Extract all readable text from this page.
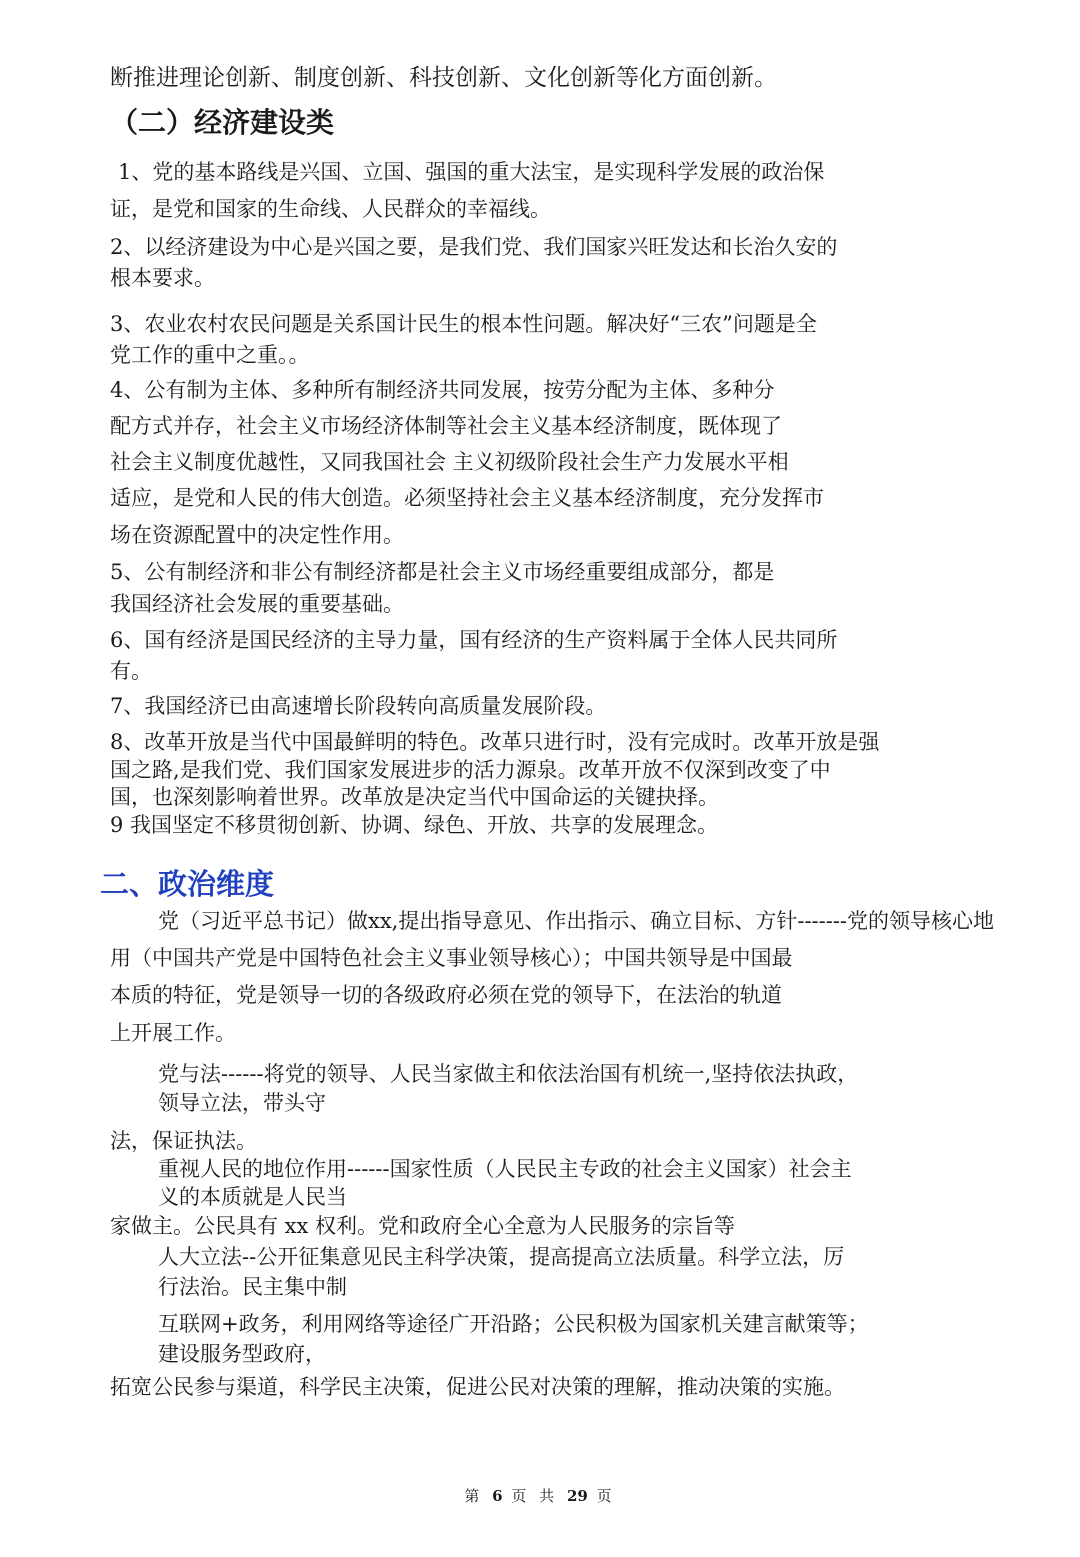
断推进理论创新、制度创新、科技创新、文化创新等化方面创新。
（二）经济建设类
1、党的基本路线是兴国、立国、强国的重大法宝，是实现科学发展的政治保
证，是党和国家的生命线、人民群众的幸福线。
2、以经济建设为中心是兴国之要，是我们党、我们国家兴旺发达和长治久安的
根本要求。
3、农业农村农民问题是关系国计民生的根本性问题。解决好“三农”问题是全
党工作的重中之重。。
4、公有制为主体、多种所有制经济共同发展，按劳分配为主体、多种分
配方式并存，社会主义市场经济体制等社会主义基本经济制度，既体现了
社会主义制度优越性，又同我国社会 主义初级阶段社会生产力发展水平相
适应，是党和人民的伟大创造。必须坚持社会主义基本经济制度，充分发挥市
场在资源配置中的决定性作用。
5、公有制经济和非公有制经济都是社会主义市场经重要组成部分，都是
我国经济社会发展的重要基础。
6、国有经济是国民经济的主导力量，国有经济的生产资料属于全体人民共同所
有。
7、我国经济已由高速增长阶段转向高质量发展阶段。
8、改革开放是当代中国最鲜明的特色。改革只进行时，没有完成时。改革开放是强
国之路,是我们党、我们国家发展进步的活力源泉。改革开放不仅深到改变了中
国，也深刻影响着世界。改革放是决定当代中国命运的关键抉择。
9 我国坚定不移贯彻创新、协调、绿色、开放、共享的发展理念。
二、政治维度
党（习近平总书记）做xx,提出指导意见、作出指示、确立目标、方针-------党的领导核心地
用（中国共产党是中国特色社会主义事业领导核心）；中国共领导是中国最
本质的特征，党是领导一切的各级政府必须在党的领导下，在法治的轨道
上开展工作。
党与法------将党的领导、人民当家做主和依法治国有机统一,坚持依法执政，
领导立法，带头守
法，保证执法。
重视人民的地位作用------国家性质（人民民主专政的社会主义国家）社会主
义的本质就是人民当
家做主。公民具有 xx 权利。党和政府全心全意为人民服务的宗旨等
人大立法--公开征集意见民主科学决策，提高提高立法质量。科学立法，厉
行法治。民主集中制
互联网+政务，利用网络等途径广开沿路；公民积极为国家机关建言献策等；
建设服务型政府，
拓宽公民参与渠道，科学民主决策，促进公民对决策的理解，推动决策的实施。
第 6 页 共 29 页
